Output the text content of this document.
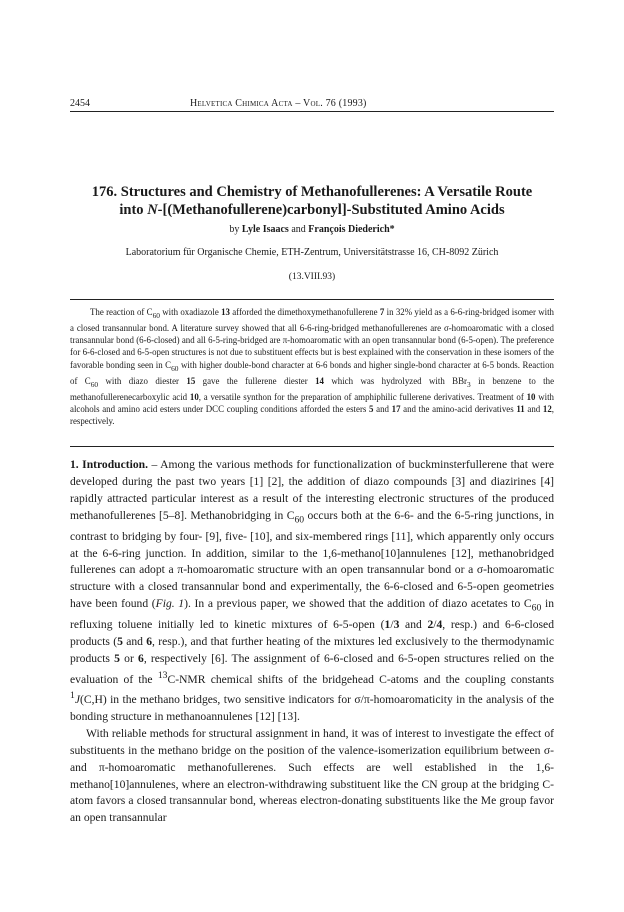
2454	Helvetica Chimica Acta – Vol. 76 (1993)
176. Structures and Chemistry of Methanofullerenes: A Versatile Route
into N-[(Methanofullerene)carbonyl]-Substituted Amino Acids
by Lyle Isaacs and François Diederich*
Laboratorium für Organische Chemie, ETH-Zentrum, Universitätstrasse 16, CH-8092 Zürich
(13.VIII.93)
The reaction of $C_{60}$ with oxadiazole 13 afforded the dimethoxymethanofullerene 7 in 32% yield as a 6-6-ring-bridged isomer with a closed transannular bond. A literature survey showed that all 6-6-ring-bridged methanofullerenes are σ-homoaromatic with a closed transannular bond (6-6-closed) and all 6-5-ring-bridged are π-homoaromatic with an open transannular bond (6-5-open). The preference for 6-6-closed and 6-5-open structures is not due to substituent effects but is best explained with the conservation in these isomers of the favorable bonding seen in $C_{60}$ with higher double-bond character at 6-6 bonds and higher single-bond character at 6-5 bonds. Reaction of $C_{60}$ with diazo diester 15 gave the fullerene diester 14 which was hydrolyzed with BBr$_3$ in benzene to the methanofullerenecarboxylic acid 10, a versatile synthon for the preparation of amphiphilic fullerene derivatives. Treatment of 10 with alcohols and amino acid esters under DCC coupling conditions afforded the esters 5 and 17 and the amino-acid derivatives 11 and 12, respectively.

1. Introduction. – Among the various methods for functionalization of buckminsterfullerene that were developed during the past two years [1] [2], the addition of diazo compounds [3] and diazirines [4] rapidly attracted particular interest as a result of the interesting electronic structures of the produced methanofullerenes [5–8]. Methanobridging in $C_{60}$ occurs both at the 6-6- and the 6-5-ring junctions, in contrast to bridging by four- [9], five- [10], and six-membered rings [11], which apparently only occurs at the 6-6-ring junction. In addition, similar to the 1,6-methano[10]annulenes [12], methanobridged fullerenes can adopt a π-homoaromatic structure with an open transannular bond or a σ-homoaromatic structure with a closed transannular bond and experimentally, the 6-6-closed and 6-5-open geometries have been found (Fig. 1). In a previous paper, we showed that the addition of diazo acetates to $C_{60}$ in refluxing toluene initially led to kinetic mixtures of 6-5-open (1/3 and 2/4, resp.) and 6-6-closed products (5 and 6, resp.), and that further heating of the mixtures led exclusively to the thermodynamic products 5 or 6, respectively [6]. The assignment of 6-6-closed and 6-5-open structures relied on the evaluation of the $^{13}$C-NMR chemical shifts of the bridgehead C-atoms and the coupling constants $^1$J(C,H) in the methano bridges, two sensitive indicators for σ/π-homoaromaticity in the analysis of the bonding structure in methanoannulenes [12] [13].

With reliable methods for structural assignment in hand, it was of interest to investigate the effect of substituents in the methano bridge on the position of the valence-isomerization equilibrium between σ- and π-homoaromatic methanofullerenes. Such effects are well established in the 1,6-methano[10]annulenes, where an electron-withdrawing substituent like the CN group at the bridging C-atom favors a closed transannular bond, whereas electron-donating substituents like the Me group favor an open transannular
